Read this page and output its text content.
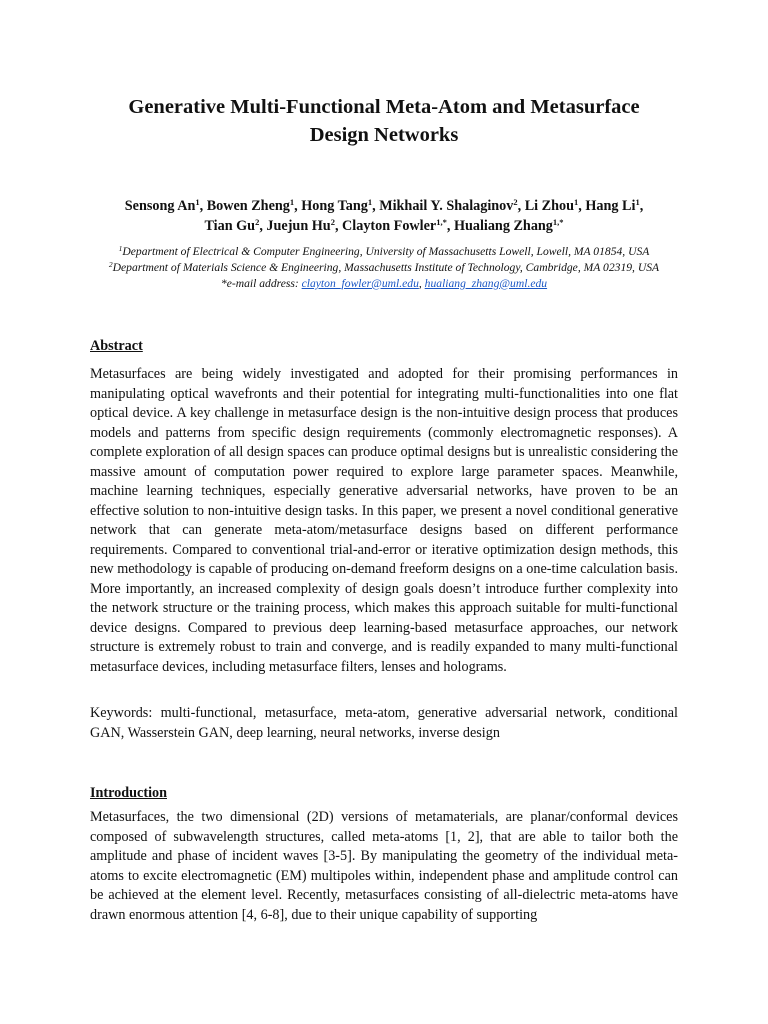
Generative Multi-Functional Meta-Atom and Metasurface
Design Networks

Sensong An$^1$, Bowen Zheng$^1$, Hong Tang$^1$, Mikhail Y. Shalaginov$^2$, Li Zhou$^1$, Hang Li$^1$,
Tian Gu$^2$, Juejun Hu$^2$, Clayton Fowler$^{1,*}$, Hualiang Zhang$^{1,*}$

$^1$Department of Electrical & Computer Engineering, University of Massachusetts Lowell, Lowell, MA 01854, USA
$^2$Department of Materials Science & Engineering, Massachusetts Institute of Technology, Cambridge, MA 02319, USA
*e-mail address: clayton_fowler@uml.edu, hualiang_zhang@uml.edu

Abstract

Metasurfaces are being widely investigated and adopted for their promising performances in manipulating optical wavefronts and their potential for integrating multi-functionalities into one flat optical device. A key challenge in metasurface design is the non-intuitive design process that produces models and patterns from specific design requirements (commonly electromagnetic responses). A complete exploration of all design spaces can produce optimal designs but is unrealistic considering the massive amount of computation power required to explore large parameter spaces. Meanwhile, machine learning techniques, especially generative adversarial networks, have proven to be an effective solution to non-intuitive design tasks. In this paper, we present a novel conditional generative network that can generate meta-atom/metasurface designs based on different performance requirements. Compared to conventional trial-and-error or iterative optimization design methods, this new methodology is capable of producing on-demand freeform designs on a one-time calculation basis. More importantly, an increased complexity of design goals doesn’t introduce further complexity into the network structure or the training process, which makes this approach suitable for multi-functional device designs. Compared to previous deep learning-based metasurface approaches, our network structure is extremely robust to train and converge, and is readily expanded to many multi-functional metasurface devices, including metasurface filters, lenses and holograms.

Keywords: multi-functional, metasurface, meta-atom, generative adversarial network, conditional GAN, Wasserstein GAN, deep learning, neural networks, inverse design

Introduction

Metasurfaces, the two dimensional (2D) versions of metamaterials, are planar/conformal devices composed of subwavelength structures, called meta-atoms [1, 2], that are able to tailor both the amplitude and phase of incident waves [3-5]. By manipulating the geometry of the individual meta-atoms to excite electromagnetic (EM) multipoles within, independent phase and amplitude control can be achieved at the element level. Recently, metasurfaces consisting of all-dielectric meta-atoms have drawn enormous attention [4, 6-8], due to their unique capability of supporting
